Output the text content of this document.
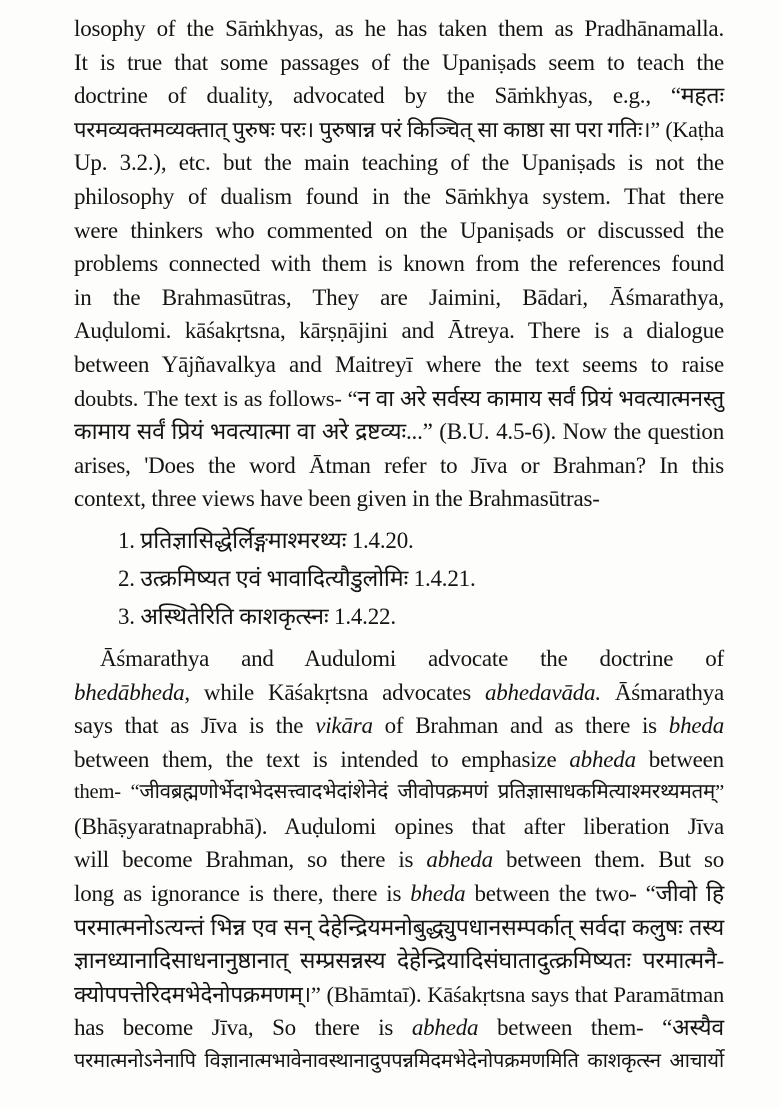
losophy of the Sāṁkhyas, as he has taken them as Pradhānamalla.
It is true that some passages of the Upaniṣads seem to teach the
doctrine of duality, advocated by the Sāṁkhyas, e.g., “महतः
परमव्यक्तमव्यक्तात् पुरुषः परः। पुरुषान्न परं किञ्चित् सा काष्ठा सा परा गतिः।” (Kaṭha
Up. 3.2.), etc. but the main teaching of the Upaniṣads is not the
philosophy of dualism found in the Sāṁkhya system. That there
were thinkers who commented on the Upaniṣads or discussed the
problems connected with them is known from the references found
in the Brahmasūtras, They are Jaimini, Bādari, Āśmarathya,
Auḍulomi. kāśakṛtsna, kārṣṇājini and Ātreya. There is a dialogue
between Yājñavalkya and Maitreyī where the text seems to raise
doubts. The text is as follows- “न वा अरे सर्वस्य कामाय सर्वं प्रियं भवत्यात्मनस्तु
कामाय सर्वं प्रियं भवत्यात्मा वा अरे द्रष्टव्यः...” (B.U. 4.5-6). Now the question
arises, 'Does the word Ātman refer to Jīva or Brahman? In this
context, three views have been given in the Brahmasūtras-
1. प्रतिज्ञासिद्धेर्लिङ्गमाश्मरथ्यः 1.4.20.
2. उत्क्रमिष्यत एवं भावादित्यौडुलोमिः 1.4.21.
3. अस्थितेरिति काशकृत्स्नः 1.4.22.
Āśmarathya and Audulomi advocate the doctrine of
bhedābheda, while Kāśakṛtsna advocates abhedavāda. Āśmarathya
says that as Jīva is the vikāra of Brahman and as there is bheda
between them, the text is intended to emphasize abheda between
them- “जीवब्रह्मणोर्भेदाभेदसत्त्वादभेदांशेनेदं जीवोपक्रमणं प्रतिज्ञासाधकमित्याश्मरथ्यमतम्”
(Bhāṣyaratnaprabhā). Auḍulomi opines that after liberation Jīva
will become Brahman, so there is abheda between them. But so
long as ignorance is there, there is bheda between the two- “जीवो हि
परमात्मनोऽत्यन्तं भिन्न एव सन् देहेन्द्रियमनोबुद्ध्युपधानसम्पर्कात् सर्वदा कलुषः तस्य
ज्ञानध्यानादिसाधनानुष्ठानात् सम्प्रसन्नस्य देहेन्द्रियादिसंघातादुत्क्रमिष्यतः परमात्मनै-
क्योपपत्तेरिदमभेदेनोपक्रमणम्।” (Bhāmtaī). Kāśakṛtsna says that Paramātman
has become Jīva, So there is abheda between them- “अस्यैव
परमात्मनोऽनेनापि विज्ञानात्मभावेनावस्थानादुपपन्नमिदमभेदेनोपक्रमणमिति काशकृत्स्न आचार्यो
